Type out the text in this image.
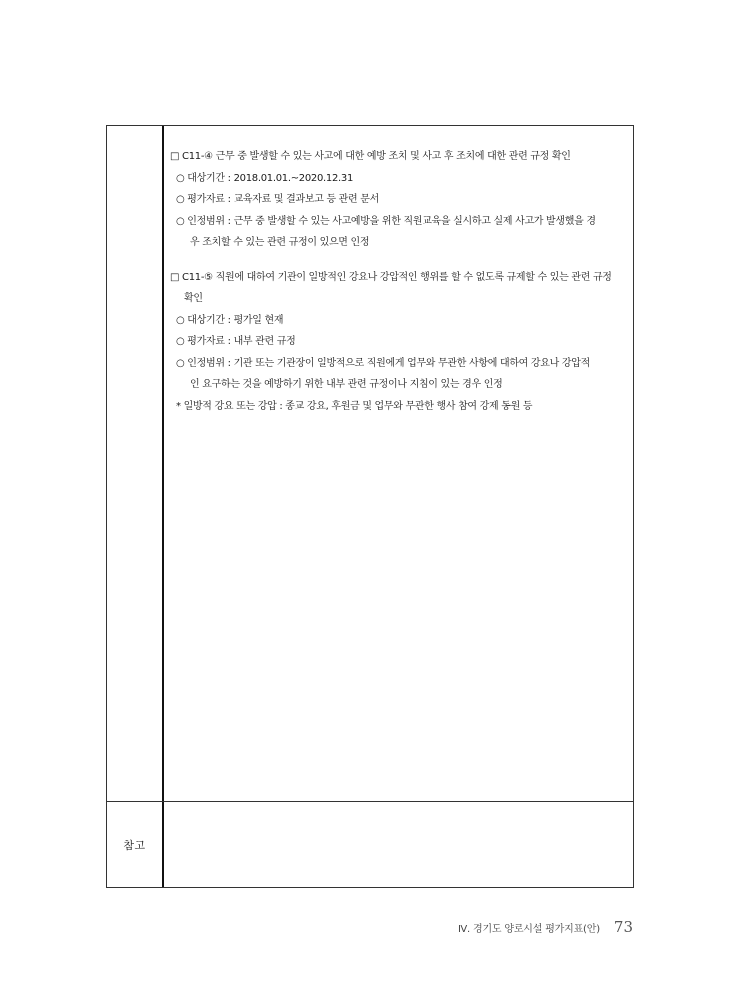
참고
□ C11-④ 근무 중 발생할 수 있는 사고에 대한 예방 조치 및 사고 후 조치에 대한 관련 규정 확인
○ 대상기간 : 2018.01.01.~2020.12.31
○ 평가자료 : 교육자료 및 결과보고 등 관련 문서
○ 인정범위 : 근무 중 발생할 수 있는 사고예방을 위한 직원교육을 실시하고 실제 사고가 발생했을 경
우 조치할 수 있는 관련 규정이 있으면 인정
□ C11-⑤ 직원에 대하여 기관이 일방적인 강요나 강압적인 행위를 할 수 없도록 규제할 수 있는 관련 규정
확인
○ 대상기간 : 평가일 현재
○ 평가자료 : 내부 관련 규정
○ 인정범위 : 기관 또는 기관장이 일방적으로 직원에게 업무와 무관한 사항에 대하여 강요나 강압적
인 요구하는 것을 예방하기 위한 내부 관련 규정이나 지침이 있는 경우 인정
* 일방적 강요 또는 강압 : 종교 강요, 후원금 및 업무와 무관한 행사 참여 강제 동원 등
Ⅳ. 경기도 양로시설 평가지표(안) 73
